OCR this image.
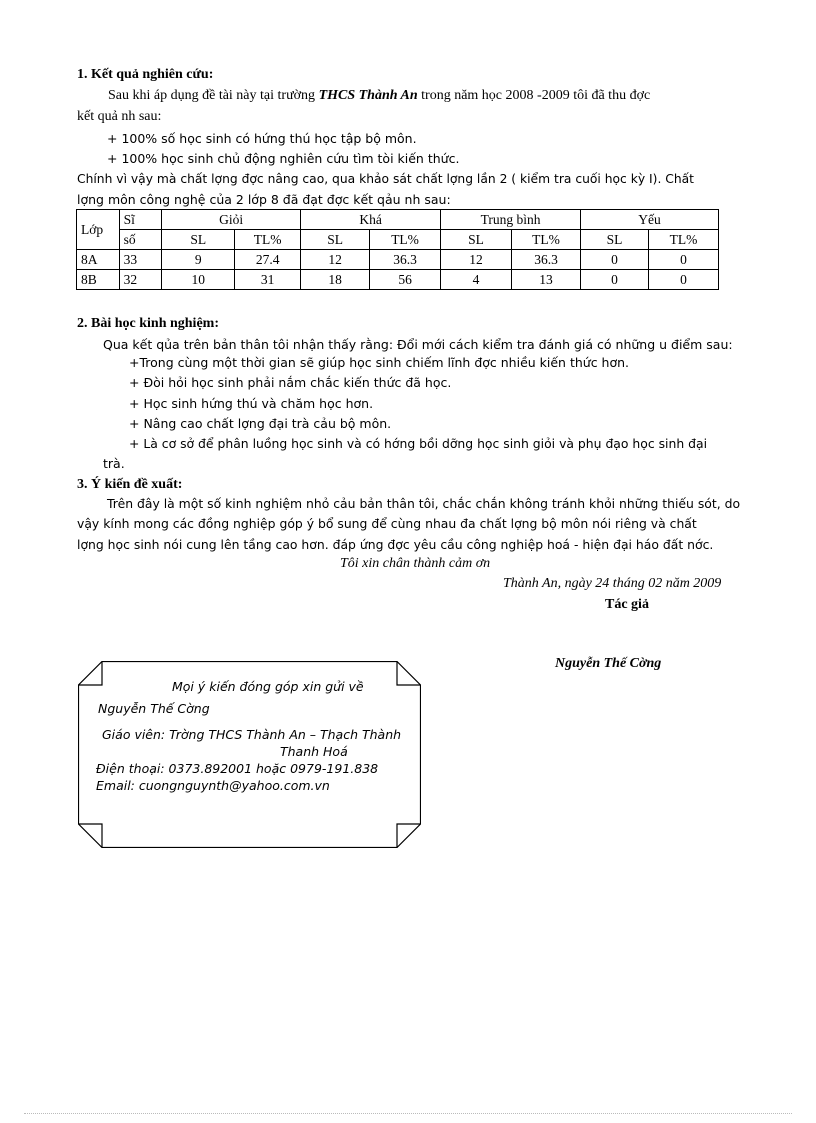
1. Kết quả nghiên cứu:
Sau khi áp dụng đề tài này tại trường THCS Thành An trong năm học 2008 -2009 tôi đã thu đợc
kết quả nh sau:
+ 100% số học sinh có hứng thú học tập bộ môn.
+ 100% học sinh chủ động nghiên cứu tìm tòi kiến thức.
Chính vì vậy mà chất lợng đợc nâng cao, qua khảo sát chất lợng lần 2 ( kiểm tra cuối học kỳ I). Chất
lợng môn công nghệ của 2 lớp 8 đã đạt đợc kết qảu nh sau:
Lớp	Sĩ	Giỏi		Khá		Trung bình		Yếu	
	số	SL	TL%	SL	TL%	SL	TL%	SL	TL%
8A	33	9	27.4	12	36.3	12	36.3	0	0
8B	32	10	31	18	56	4	13	0	0
2. Bài học kinh nghiệm:
Qua kết qủa trên bản thân tôi nhận thấy rằng: Đổi mới cách kiểm tra đánh giá có những u điểm sau:
+Trong cùng một thời gian sẽ giúp học sinh chiếm lĩnh đợc nhiều kiến thức hơn.
+ Đòi hỏi học sinh phải nắm chắc kiến thức đã học.
+ Học sinh hứng thú và chăm học hơn.
+ Nâng cao chất lợng đại trà cảu bộ môn.
+ Là cơ sở để phân luồng học sinh và có hớng bồi dỡng học sinh giỏi và phụ đạo học sinh đại
trà.
3. Ý kiến đề xuất:
Trên đây là một số kinh nghiệm nhỏ cảu bản thân tôi, chắc chắn không tránh khỏi những thiếu sót, do
vậy kính mong các đồng nghiệp góp ý bổ sung để cùng nhau đa chất lợng bộ môn nói riêng và chất
lợng học sinh nói cung lên tầng cao hơn. đáp ứng đợc yêu cầu công nghiệp hoá - hiện đại háo đất nớc.
Tôi xin chân thành cảm ơn
Thành An, ngày 24 tháng 02 năm 2009
Tác giả
Nguyễn Thế Cờng
Mọi ý kiến đóng góp xin gửi về
Nguyễn Thế Cờng
Giáo viên: Trờng THCS Thành An – Thạch Thành
Thanh Hoá
Điện thoại: 0373.892001 hoặc 0979-191.838
Email: cuongnguynth@yahoo.com.vn
